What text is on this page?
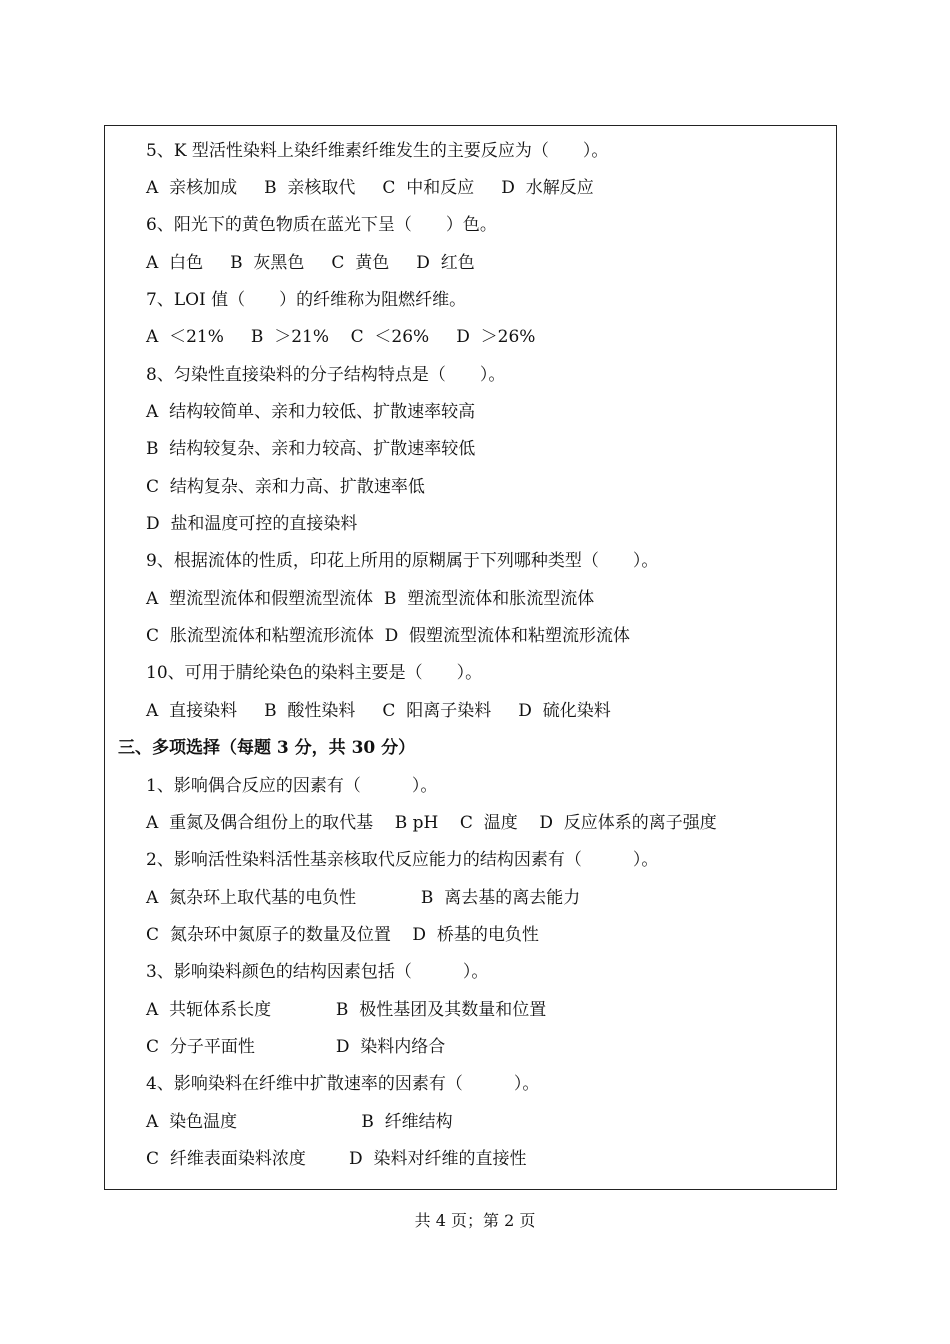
5、K 型活性染料上染纤维素纤维发生的主要反应为（　　）。
A  亲核加成     B  亲核取代     C  中和反应     D  水解反应
6、阳光下的黄色物质在蓝光下呈（　　）色。
A  白色     B  灰黑色     C  黄色     D  红色
7、LOI 值（　　）的纤维称为阻燃纤维。
A  ＜21%     B  ＞21%    C  ＜26%     D  ＞26%
8、匀染性直接染料的分子结构特点是（　　）。
A  结构较简单、亲和力较低、扩散速率较高
B  结构较复杂、亲和力较高、扩散速率较低
C  结构复杂、亲和力高、扩散速率低
D  盐和温度可控的直接染料
9、根据流体的性质，印花上所用的原糊属于下列哪种类型（　　）。
A  塑流型流体和假塑流型流体  B  塑流型流体和胀流型流体
C  胀流型流体和粘塑流形流体  D  假塑流型流体和粘塑流形流体
10、可用于腈纶染色的染料主要是（　　）。
A  直接染料     B  酸性染料     C  阳离子染料     D  硫化染料
三、多项选择（每题 3 分，共 30 分）
1、影响偶合反应的因素有（　　　）。
A  重氮及偶合组份上的取代基    B pH    C  温度    D  反应体系的离子强度
2、影响活性染料活性基亲核取代反应能力的结构因素有（　　　）。
A  氮杂环上取代基的电负性            B  离去基的离去能力
C  氮杂环中氮原子的数量及位置    D  桥基的电负性
3、影响染料颜色的结构因素包括（　　　）。
A  共轭体系长度            B  极性基团及其数量和位置
C  分子平面性               D  染料内络合
4、影响染料在纤维中扩散速率的因素有（　　　）。
A  染色温度                       B  纤维结构
C  纤维表面染料浓度        D  染料对纤维的直接性
共 4 页；第 2 页
